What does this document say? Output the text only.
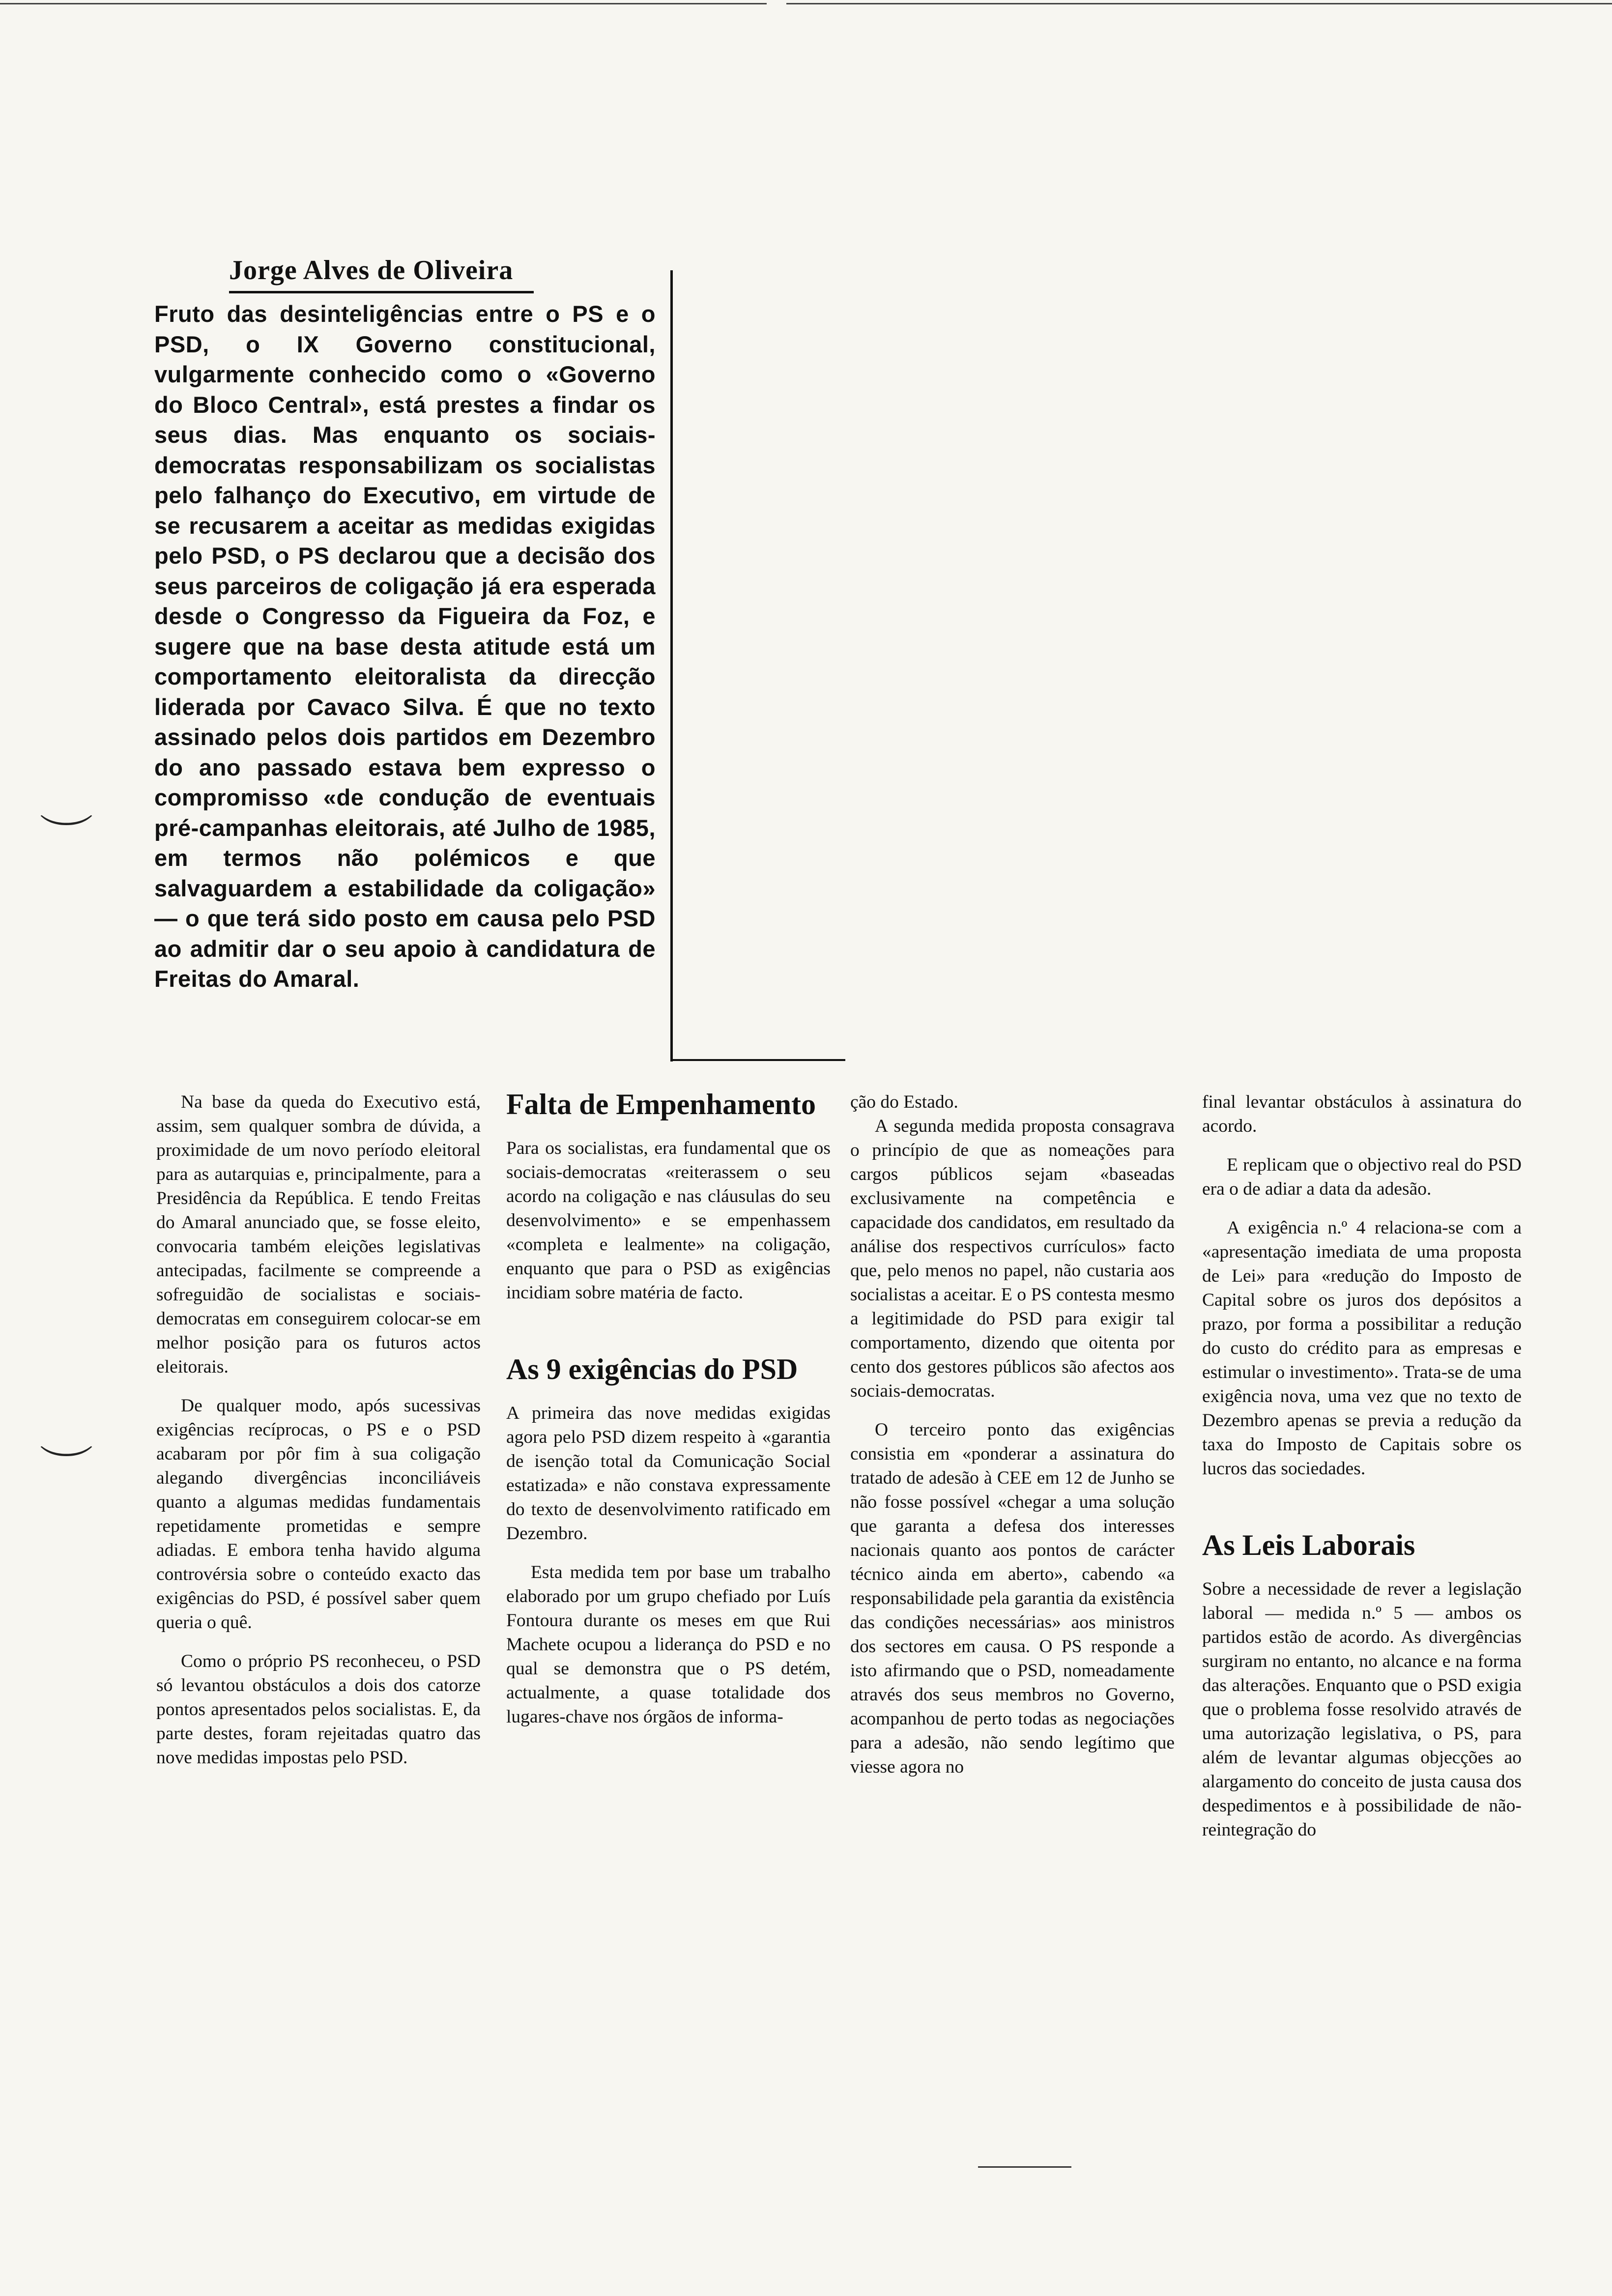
Jorge Alves de Oliveira
Fruto das desinteligências entre o PS e o PSD, o IX Governo constitucional, vulgarmente conhecido como o «Governo do Bloco Central», está prestes a findar os seus dias. Mas enquanto os sociais-democratas responsabilizam os socialistas pelo falhanço do Executivo, em virtude de se recusarem a aceitar as medidas exigidas pelo PSD, o PS declarou que a decisão dos seus parceiros de coligação já era esperada desde o Congresso da Figueira da Foz, e sugere que na base desta atitude está um comportamento eleitoralista da direcção liderada por Cavaco Silva. É que no texto assinado pelos dois partidos em Dezembro do ano passado estava bem expresso o compromisso «de condução de eventuais pré-campanhas eleitorais, até Julho de 1985, em termos não polémicos e que salvaguardem a estabilidade da coligação» — o que terá sido posto em causa pelo PSD ao admitir dar o seu apoio à candidatura de Freitas do Amaral.
︶
︶

Na base da queda do Executivo está, assim, sem qualquer sombra de dúvida, a proximidade de um novo período eleitoral para as autarquias e, principalmente, para a Presidência da República. E tendo Freitas do Amaral anunciado que, se fosse eleito, convocaria também eleições legislativas antecipadas, facilmente se compreende a sofreguidão de socialistas e sociais-democratas em conseguirem colocar-se em melhor posição para os futuros actos eleitorais.

De qualquer modo, após sucessivas exigências recíprocas, o PS e o PSD acabaram por pôr fim à sua coligação alegando divergências inconciliáveis quanto a algumas medidas fundamentais repetidamente prometidas e sempre adiadas. E embora tenha havido alguma controvérsia sobre o conteúdo exacto das exigências do PSD, é possível saber quem queria o quê.

Como o próprio PS reconheceu, o PSD só levantou obstáculos a dois dos catorze pontos apresentados pelos socialistas. E, da parte destes, foram rejeitadas quatro das nove medidas impostas pelo PSD.

Falta de Empenhamento

Para os socialistas, era fundamental que os sociais-democratas «reiterassem o seu acordo na coligação e nas cláusulas do seu desenvolvimento» e se empenhassem «completa e lealmente» na coligação, enquanto que para o PSD as exigências incidiam sobre matéria de facto.

As 9 exigências do PSD

A primeira das nove medidas exigidas agora pelo PSD dizem respeito à «garantia de isenção total da Comunicação Social estatizada» e não constava expressamente do texto de desenvolvimento ratificado em Dezembro.

Esta medida tem por base um trabalho elaborado por um grupo chefiado por Luís Fontoura durante os meses em que Rui Machete ocupou a liderança do PSD e no qual se demonstra que o PS detém, actualmente, a quase totalidade dos lugares-chave nos órgãos de informa-

ção do Estado.

A segunda medida proposta consagrava o princípio de que as nomeações para cargos públicos sejam «baseadas exclusivamente na competência e capacidade dos candidatos, em resultado da análise dos respectivos currículos» facto que, pelo menos no papel, não custaria aos socialistas a aceitar. E o PS contesta mesmo a legitimidade do PSD para exigir tal comportamento, dizendo que oitenta por cento dos gestores públicos são afectos aos sociais-democratas.

O terceiro ponto das exigências consistia em «ponderar a assinatura do tratado de adesão à CEE em 12 de Junho se não fosse possível «chegar a uma solução que garanta a defesa dos interesses nacionais quanto aos pontos de carácter técnico ainda em aberto», cabendo «a responsabilidade pela garantia da existência das condições necessárias» aos ministros dos sectores em causa. O PS responde a isto afirmando que o PSD, nomeadamente através dos seus membros no Governo, acompanhou de perto todas as negociações para a adesão, não sendo legítimo que viesse agora no

final levantar obstáculos à assinatura do acordo.

E replicam que o objectivo real do PSD era o de adiar a data da adesão.

A exigência n.º 4 relaciona-se com a «apresentação imediata de uma proposta de Lei» para «redução do Imposto de Capital sobre os juros dos depósitos a prazo, por forma a possibilitar a redução do custo do crédito para as empresas e estimular o investimento». Trata-se de uma exigência nova, uma vez que no texto de Dezembro apenas se previa a redução da taxa do Imposto de Capitais sobre os lucros das sociedades.

As Leis Laborais

Sobre a necessidade de rever a legislação laboral — medida n.º 5 — ambos os partidos estão de acordo. As divergências surgiram no entanto, no alcance e na forma das alterações. Enquanto que o PSD exigia que o problema fosse resolvido através de uma autorização legislativa, o PS, para além de levantar algumas objecções ao alargamento do conceito de justa causa dos despedimentos e à possibilidade de não-reintegração do
